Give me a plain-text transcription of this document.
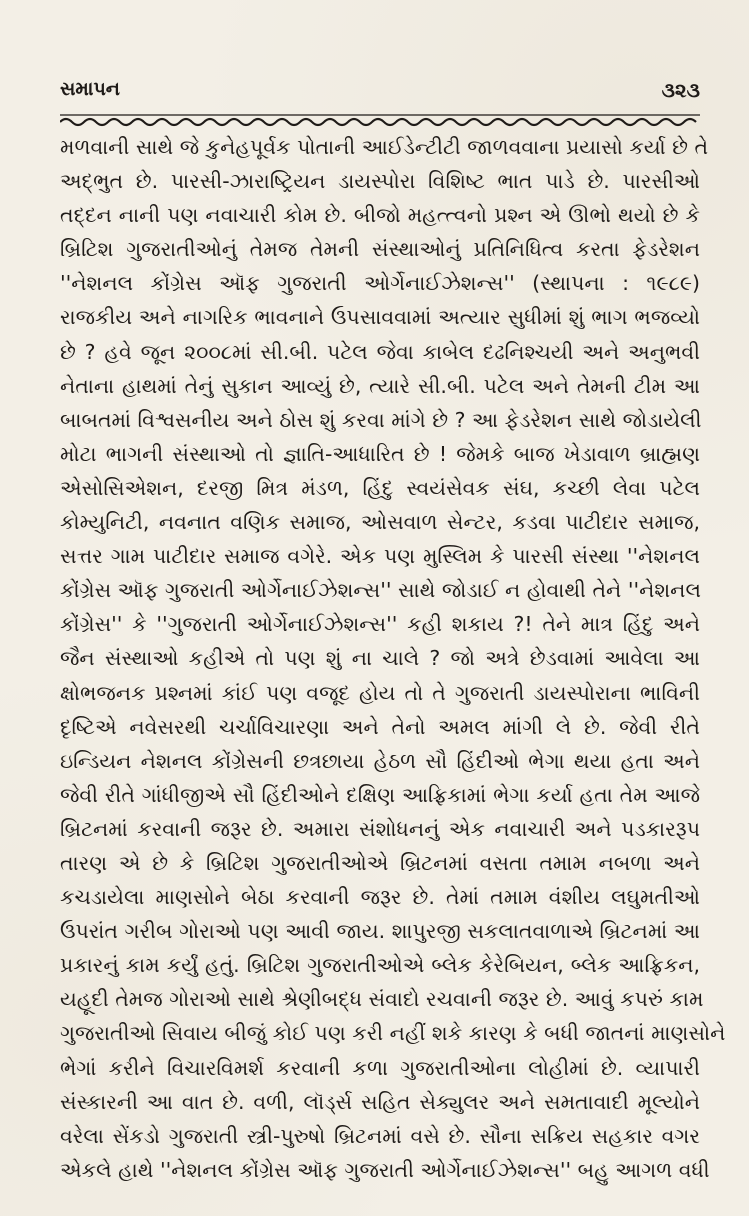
સમાપન	૩૨૩
મળવાની સાથે જે કુનેહપૂર્વક પોતાની આઈડેન્ટીટી જાળવવાના પ્રયાસો કર્યા છે તે
અદ્ભુત છે. પારસી-ઝારાષ્ટ્રિયન ડાયસ્પોરા વિશિષ્ટ ભાત પાડે છે. પારસીઓ
તદ્દન નાની પણ નવાચારી કોમ છે. બીજો મહત્ત્વનો પ્રશ્ન એ ઊભો થયો છે કે
બ્રિટિશ ગુજરાતીઓનું તેમજ તેમની સંસ્થાઓનું પ્રતિનિધિત્વ કરતા ફેડરેશન
''નેશનલ કોંગ્રેસ ઑફ ગુજરાતી ઓર્ગેનાઈઝેશન્સ'' (સ્થાપના : ૧૯૮૯)
રાજકીય અને નાગરિક ભાવનાને ઉપસાવવામાં અત્યાર સુધીમાં શું ભાગ ભજવ્યો
છે ? હવે જૂન ૨૦૦૮માં સી.બી. પટેલ જેવા કાબેલ દઢનિશ્ચયી અને અનુભવી
નેતાના હાથમાં તેનું સુકાન આવ્યું છે, ત્યારે સી.બી. પટેલ અને તેમની ટીમ આ
બાબતમાં વિશ્વસનીય અને ઠોસ શું કરવા માંગે છે ? આ ફેડરેશન સાથે જોડાયેલી
મોટા ભાગની સંસ્થાઓ તો જ્ઞાતિ-આધારિત છે ! જેમકે બાજ ખેડાવાળ બ્રાહ્મણ
એસોસિએશન, દરજી મિત્ર મંડળ, હિંદુ સ્વયંસેવક સંઘ, કચ્છી લેવા પટેલ
કોમ્યુનિટી, નવનાત વણિક સમાજ, ઓસવાળ સેન્ટર, કડવા પાટીદાર સમાજ,
સત્તર ગામ પાટીદાર સમાજ વગેરે. એક પણ મુસ્લિમ કે પારસી સંસ્થા ''નેશનલ
કોંગ્રેસ ઑફ ગુજરાતી ઓર્ગેનાઈઝેશન્સ'' સાથે જોડાઈ ન હોવાથી તેને ''નેશનલ
કોંગ્રેસ'' કે ''ગુજરાતી ઓર્ગેનાઈઝેશન્સ'' કહી શકાય ?! તેને માત્ર હિંદુ અને
જૈન સંસ્થાઓ કહીએ તો પણ શું ના ચાલે ? જો અત્રે છેડવામાં આવેલા આ
ક્ષોભજનક પ્રશ્નમાં કાંઈ પણ વજૂદ હોય તો તે ગુજરાતી ડાયસ્પોરાના ભાવિની
દૃષ્ટિએ નવેસરથી ચર્ચાવિચારણા અને તેનો અમલ માંગી લે છે. જેવી રીતે
ઇન્ડિયન નેશનલ કોંગ્રેસની છત્રછાયા હેઠળ સૌ હિંદીઓ ભેગા થયા હતા અને
જેવી રીતે ગાંધીજીએ સૌ હિંદીઓને દક્ષિણ આફ્રિકામાં ભેગા કર્યા હતા તેમ આજે
બ્રિટનમાં કરવાની જરૂર છે. અમારા સંશોધનનું એક નવાચારી અને પડકારરૂપ
તારણ એ છે કે બ્રિટિશ ગુજરાતીઓએ બ્રિટનમાં વસતા તમામ નબળા અને
કચડાયેલા માણસોને બેઠા કરવાની જરૂર છે. તેમાં તમામ વંશીય લઘુમતીઓ
ઉપરાંત ગરીબ ગોરાઓ પણ આવી જાય. શાપુરજી સકલાતવાળાએ બ્રિટનમાં આ
પ્રકારનું કામ કર્યું હતું. બ્રિટિશ ગુજરાતીઓએ બ્લેક કેરેબિયન, બ્લેક આફ્રિકન,
યહૂદી તેમજ ગોરાઓ સાથે શ્રેણીબદ્ધ સંવાદો રચવાની જરૂર છે. આવું કપરું કામ
ગુજરાતીઓ સિવાય બીજું કોઈ પણ કરી નહીં શકે કારણ કે બધી જાતનાં માણસોને
ભેગાં કરીને વિચારવિમર્શ કરવાની કળા ગુજરાતીઓના લોહીમાં છે. વ્યાપારી
સંસ્કારની આ વાત છે. વળી, લૉર્ડ્સ સહિત સેક્યુલર અને સમતાવાદી મૂલ્યોને
વરેલા સેંકડો ગુજરાતી સ્ત્રી-પુરુષો બ્રિટનમાં વસે છે. સૌના સક્રિય સહકાર વગર
એકલે હાથે ''નેશનલ કોંગ્રેસ ઑફ ગુજરાતી ઓર્ગેનાઈઝેશન્સ'' બહુ આગળ વધી
